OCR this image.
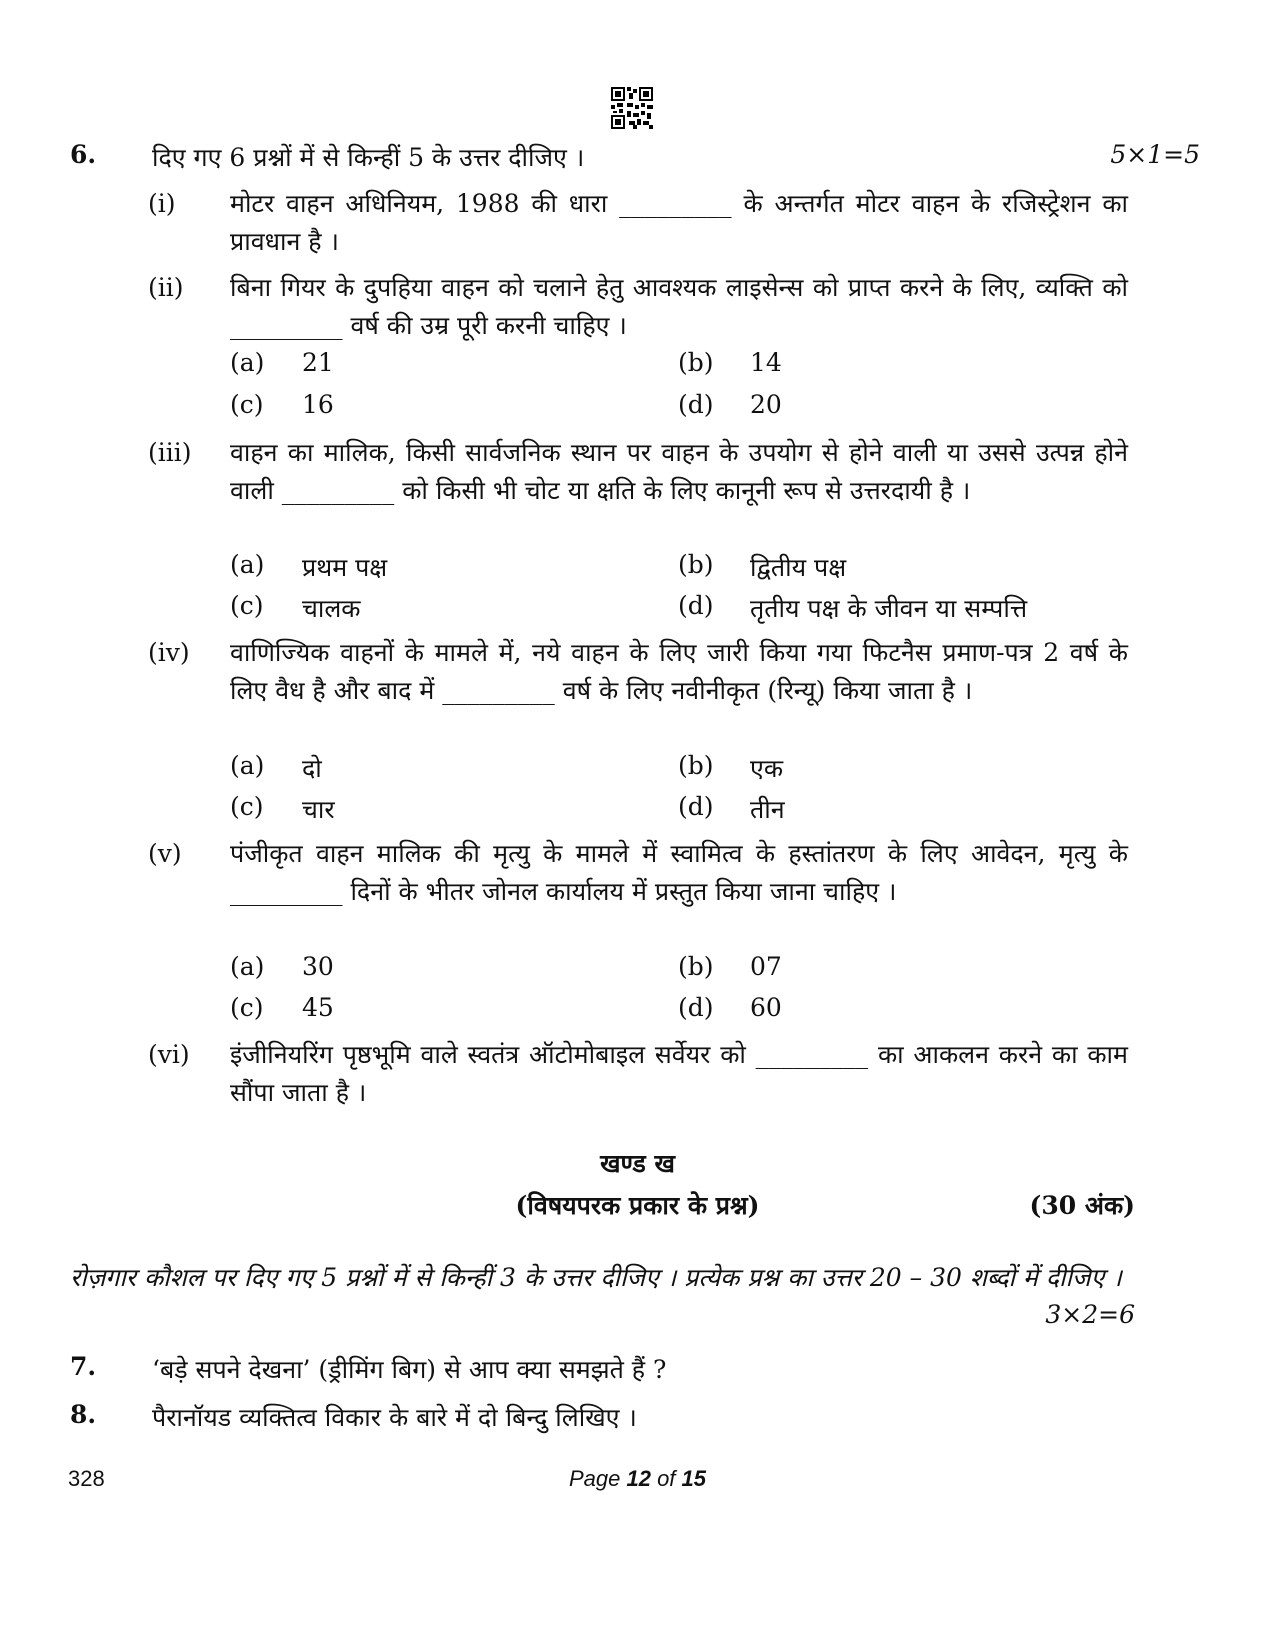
6. दिए गए 6 प्रश्नों में से किन्हीं 5 के उत्तर दीजिए ।	5×1=5
(i) मोटर वाहन अधिनियम, 1988 की धारा _________ के अन्तर्गत मोटर वाहन के रजिस्ट्रेशन का प्रावधान है ।
(ii) बिना गियर के दुपहिया वाहन को चलाने हेतु आवश्यक लाइसेन्स को प्राप्त करने के लिए, व्यक्ति को _________ वर्ष की उम्र पूरी करनी चाहिए ।
(a) 21	(b) 14
(c) 16	(d) 20
(iii) वाहन का मालिक, किसी सार्वजनिक स्थान पर वाहन के उपयोग से होने वाली या उससे उत्पन्न होने वाली _________ को किसी भी चोट या क्षति के लिए कानूनी रूप से उत्तरदायी है ।
(a) प्रथम पक्ष	(b) द्वितीय पक्ष
(c) चालक	(d) तृतीय पक्ष के जीवन या सम्पत्ति
(iv) वाणिज्यिक वाहनों के मामले में, नये वाहन के लिए जारी किया गया फिटनैस प्रमाण-पत्र 2 वर्ष के लिए वैध है और बाद में _________ वर्ष के लिए नवीनीकृत (रिन्यू) किया जाता है ।
(a) दो	(b) एक
(c) चार	(d) तीन
(v) पंजीकृत वाहन मालिक की मृत्यु के मामले में स्वामित्व के हस्तांतरण के लिए आवेदन, मृत्यु के _________ दिनों के भीतर जोनल कार्यालय में प्रस्तुत किया जाना चाहिए ।
(a) 30	(b) 07
(c) 45	(d) 60
(vi) इंजीनियरिंग पृष्ठभूमि वाले स्वतंत्र ऑटोमोबाइल सर्वेयर को _________ का आकलन करने का काम सौंपा जाता है ।
खण्ड ख
(विषयपरक प्रकार के प्रश्न)	(30 अंक)
रोज़गार कौशल पर दिए गए 5 प्रश्नों में से किन्हीं 3 के उत्तर दीजिए । प्रत्येक प्रश्न का उत्तर 20 – 30 शब्दों में दीजिए ।
3×2=6
7. ‘बड़े सपने देखना’ (ड्रीमिंग बिग) से आप क्या समझते हैं ?
8. पैरानॉयड व्यक्तित्व विकार के बारे में दो बिन्दु लिखिए ।
328	Page 12 of 15
